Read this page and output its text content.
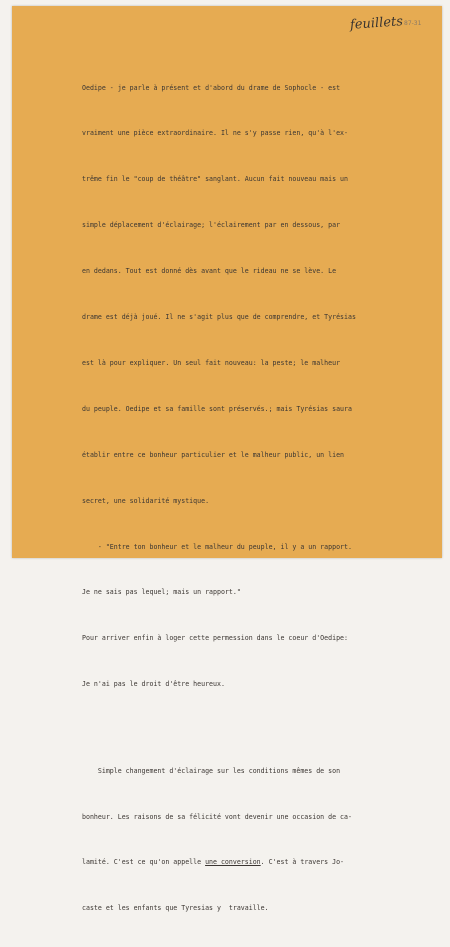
feuillets 87-31

Oedipe - je parle à présent et d'abord du drame de Sophocle - est

vraiment une pièce extraordinaire. Il ne s'y passe rien, qu'à l'ex-

trême fin le "coup de théâtre" sanglant. Aucun fait nouveau mais un

simple déplacement d'éclairage; l'éclairement par en dessous, par

en dedans. Tout est donné dès avant que le rideau ne se lève. Le

drame est déjà joué. Il ne s'agit plus que de comprendre, et Tyrésias

est là pour expliquer. Un seul fait nouveau: la peste; le malheur

du peuple. Oedipe et sa famille sont préservés.; mais Tyrésias saura

établir entre ce bonheur particulier et le malheur public, un lien

secret, une solidarité mystique.

- "Entre ton bonheur et le malheur du peuple, il y a un rapport.

Je ne sais pas lequel; mais un rapport."

Pour arriver enfin à loger cette permession dans le coeur d'Oedipe:

Je n'ai pas le droit d'être heureux.

Simple changement d'éclairage sur les conditions mêmes de son

bonheur. Les raisons de sa félicité vont devenir une occasion de ca-

lamité. C'est ce qu'on appelle une conversion. C'est à travers Jo-

caste et les enfants que Tyresias y  travaille.
